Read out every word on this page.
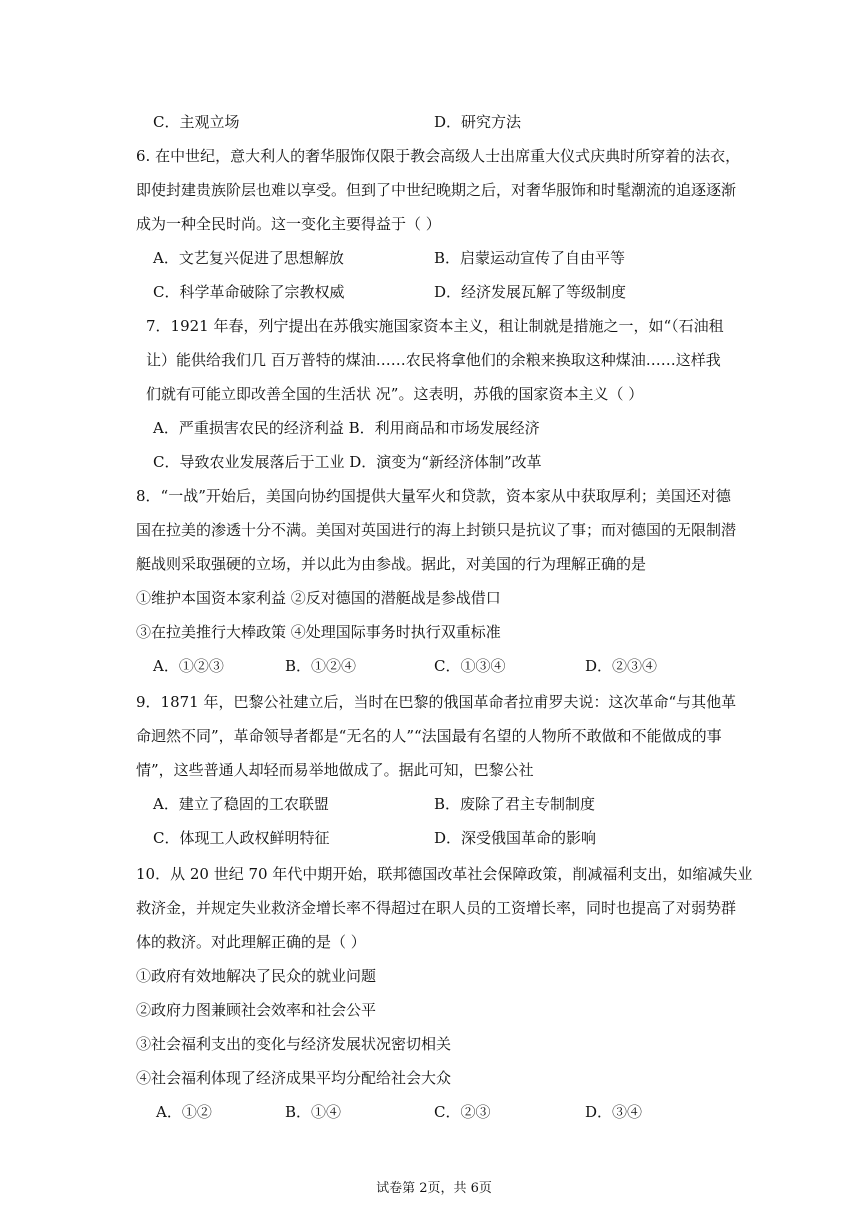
C．主观立场	D．研究方法
6. 在中世纪，意大利人的奢华服饰仅限于教会高级人士出席重大仪式庆典时所穿着的法衣，
即使封建贵族阶层也难以享受。但到了中世纪晚期之后，对奢华服饰和时髦潮流的追逐逐渐
成为一种全民时尚。这一变化主要得益于（ ）
A．文艺复兴促进了思想解放	B．启蒙运动宣传了自由平等
C．科学革命破除了宗教权威	D．经济发展瓦解了等级制度
7．1921 年春，列宁提出在苏俄实施国家资本主义，租让制就是措施之一，如“（石油租
让）能供给我们几 百万普特的煤油……农民将拿他们的余粮来换取这种煤油……这样我
们就有可能立即改善全国的生活状 况”。这表明，苏俄的国家资本主义（ ）
A．严重损害农民的经济利益 B．利用商品和市场发展经济
C．导致农业发展落后于工业 D．演变为“新经济体制”改革
8．“一战”开始后，美国向协约国提供大量军火和贷款，资本家从中获取厚利；美国还对德
国在拉美的渗透十分不满。美国对英国进行的海上封锁只是抗议了事；而对德国的无限制潜
艇战则采取强硬的立场，并以此为由参战。据此，对美国的行为理解正确的是
①维护本国资本家利益 ②反对德国的潜艇战是参战借口
③在拉美推行大棒政策 ④处理国际事务时执行双重标准
A．①②③	B．①②④	C．①③④	D．②③④
9．1871 年，巴黎公社建立后，当时在巴黎的俄国革命者拉甫罗夫说：这次革命“与其他革
命迥然不同”，革命领导者都是“无名的人”“法国最有名望的人物所不敢做和不能做成的事
情”，这些普通人却轻而易举地做成了。据此可知，巴黎公社
A．建立了稳固的工农联盟	B．废除了君主专制制度
C．体现工人政权鲜明特征	D．深受俄国革命的影响
10．从 20 世纪 70 年代中期开始，联邦德国改革社会保障政策，削减福利支出，如缩减失业
救济金，并规定失业救济金增长率不得超过在职人员的工资增长率，同时也提高了对弱势群
体的救济。对此理解正确的是（ ）
①政府有效地解决了民众的就业问题
②政府力图兼顾社会效率和社会公平
③社会福利支出的变化与经济发展状况密切相关
④社会福利体现了经济成果平均分配给社会大众
A．①②	B．①④	C．②③	D．③④
试卷第 2页，共 6页
